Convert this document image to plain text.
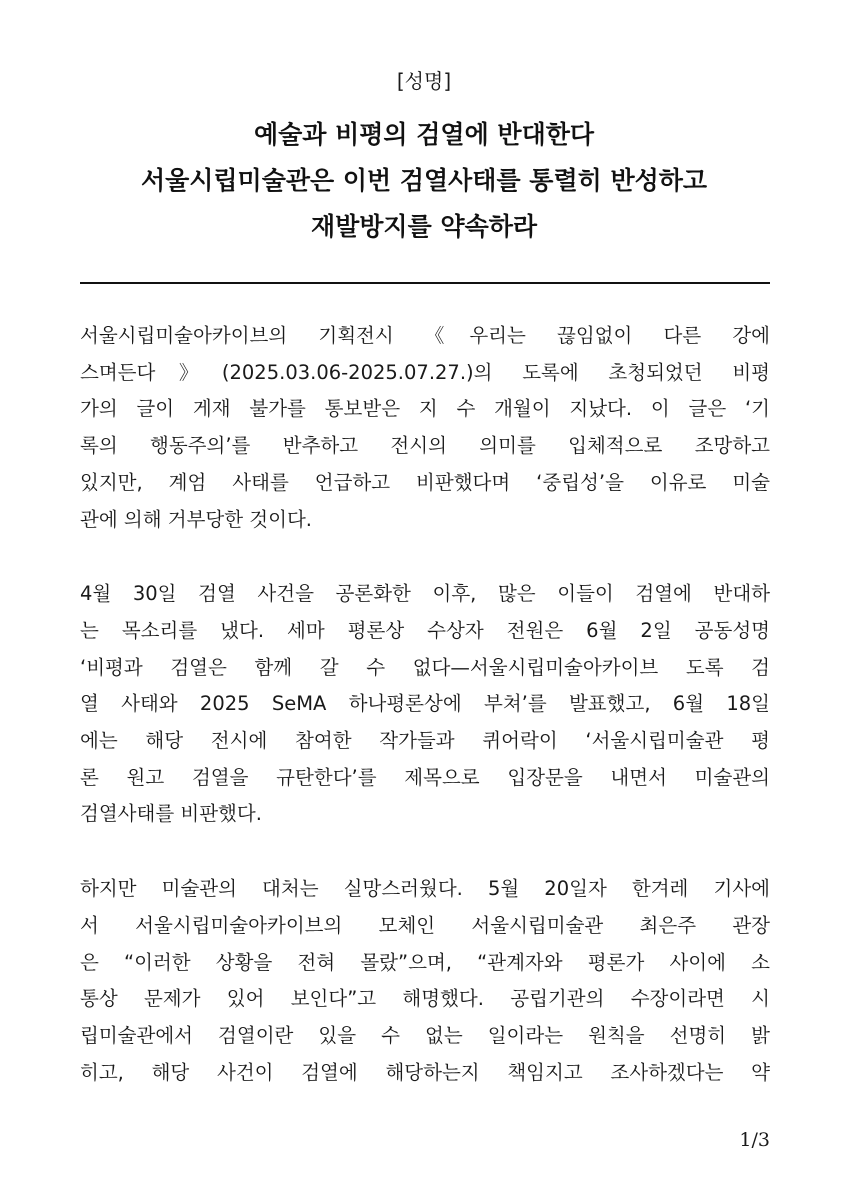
[성명]
예술과 비평의 검열에 반대한다
서울시립미술관은 이번 검열사태를 통렬히 반성하고
재발방지를 약속하라

서울시립미술아카이브의 기획전시 《우리는 끊임없이 다른 강에
스며든다》(2025.03.06-2025.07.27.)의 도록에 초청되었던 비평
가의 글이 게재 불가를 통보받은 지 수 개월이 지났다. 이 글은 ‘기
록의 행동주의’를 반추하고 전시의 의미를 입체적으로 조망하고
있지만, 계엄 사태를 언급하고 비판했다며 ‘중립성’을 이유로 미술
관에 의해 거부당한 것이다.

4월 30일 검열 사건을 공론화한 이후, 많은 이들이 검열에 반대하
는 목소리를 냈다. 세마 평론상 수상자 전원은 6월 2일 공동성명
‘비평과 검열은 함께 갈 수 없다—서울시립미술아카이브 도록 검
열 사태와 2025 SeMA 하나평론상에 부쳐’를 발표했고, 6월 18일
에는 해당 전시에 참여한 작가들과 퀴어락이 ‘서울시립미술관 평
론 원고 검열을 규탄한다’를 제목으로 입장문을 내면서 미술관의
검열사태를 비판했다.

하지만 미술관의 대처는 실망스러웠다. 5월 20일자 한겨레 기사에
서 서울시립미술아카이브의 모체인 서울시립미술관 최은주 관장
은 “이러한 상황을 전혀 몰랐”으며, “관계자와 평론가 사이에 소
통상 문제가 있어 보인다”고 해명했다. 공립기관의 수장이라면 시
립미술관에서 검열이란 있을 수 없는 일이라는 원칙을 선명히 밝
히고, 해당 사건이 검열에 해당하는지 책임지고 조사하겠다는 약

1/3
